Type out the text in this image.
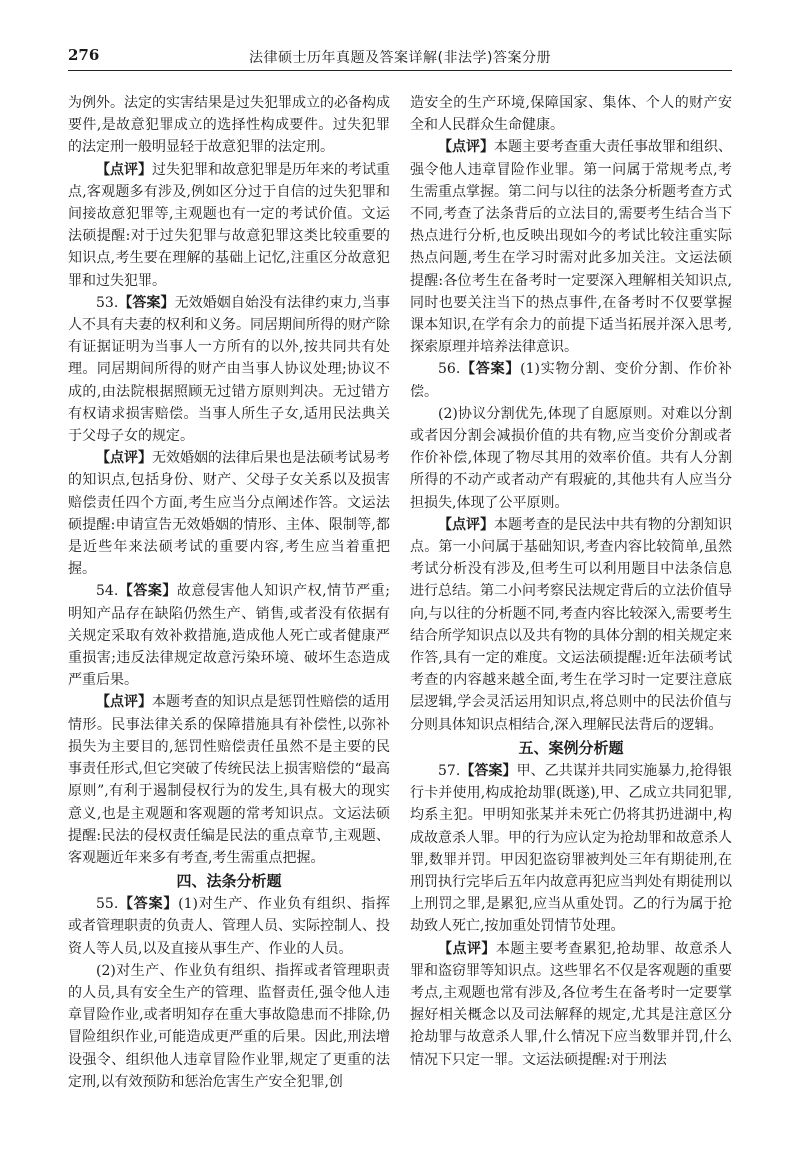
276	法律硕士历年真题及答案详解(非法学)答案分册

为例外。法定的实害结果是过失犯罪成立的必备构成要件,是故意犯罪成立的选择性构成要件。过失犯罪的法定刑一般明显轻于故意犯罪的法定刑。

【点评】过失犯罪和故意犯罪是历年来的考试重点,客观题多有涉及,例如区分过于自信的过失犯罪和间接故意犯罪等,主观题也有一定的考试价值。文运法硕提醒:对于过失犯罪与故意犯罪这类比较重要的知识点,考生要在理解的基础上记忆,注重区分故意犯罪和过失犯罪。

53.【答案】无效婚姻自始没有法律约束力,当事人不具有夫妻的权利和义务。同居期间所得的财产除有证据证明为当事人一方所有的以外,按共同共有处理。同居期间所得的财产由当事人协议处理;协议不成的,由法院根据照顾无过错方原则判决。无过错方有权请求损害赔偿。当事人所生子女,适用民法典关于父母子女的规定。

【点评】无效婚姻的法律后果也是法硕考试易考的知识点,包括身份、财产、父母子女关系以及损害赔偿责任四个方面,考生应当分点阐述作答。文运法硕提醒:申请宣告无效婚姻的情形、主体、限制等,都是近些年来法硕考试的重要内容,考生应当着重把握。

54.【答案】故意侵害他人知识产权,情节严重;明知产品存在缺陷仍然生产、销售,或者没有依据有关规定采取有效补救措施,造成他人死亡或者健康严重损害;违反法律规定故意污染环境、破坏生态造成严重后果。

【点评】本题考查的知识点是惩罚性赔偿的适用情形。民事法律关系的保障措施具有补偿性,以弥补损失为主要目的,惩罚性赔偿责任虽然不是主要的民事责任形式,但它突破了传统民法上损害赔偿的“最高原则”,有利于遏制侵权行为的发生,具有极大的现实意义,也是主观题和客观题的常考知识点。文运法硕提醒:民法的侵权责任编是民法的重点章节,主观题、客观题近年来多有考查,考生需重点把握。

四、法条分析题

55.【答案】(1)对生产、作业负有组织、指挥或者管理职责的负责人、管理人员、实际控制人、投资人等人员,以及直接从事生产、作业的人员。

(2)对生产、作业负有组织、指挥或者管理职责的人员,具有安全生产的管理、监督责任,强令他人违章冒险作业,或者明知存在重大事故隐患而不排除,仍冒险组织作业,可能造成更严重的后果。因此,刑法增设强令、组织他人违章冒险作业罪,规定了更重的法定刑,以有效预防和惩治危害生产安全犯罪,创

造安全的生产环境,保障国家、集体、个人的财产安全和人民群众生命健康。

【点评】本题主要考查重大责任事故罪和组织、强令他人违章冒险作业罪。第一问属于常规考点,考生需重点掌握。第二问与以往的法条分析题考查方式不同,考查了法条背后的立法目的,需要考生结合当下热点进行分析,也反映出现如今的考试比较注重实际热点问题,考生在学习时需对此多加关注。文运法硕提醒:各位考生在备考时一定要深入理解相关知识点,同时也要关注当下的热点事件,在备考时不仅要掌握课本知识,在学有余力的前提下适当拓展并深入思考,探索原理并培养法律意识。

56.【答案】(1)实物分割、变价分割、作价补偿。

(2)协议分割优先,体现了自愿原则。对难以分割或者因分割会减损价值的共有物,应当变价分割或者作价补偿,体现了物尽其用的效率价值。共有人分割所得的不动产或者动产有瑕疵的,其他共有人应当分担损失,体现了公平原则。

【点评】本题考查的是民法中共有物的分割知识点。第一小问属于基础知识,考查内容比较简单,虽然考试分析没有涉及,但考生可以利用题目中法条信息进行总结。第二小问考察民法规定背后的立法价值导向,与以往的分析题不同,考查内容比较深入,需要考生结合所学知识点以及共有物的具体分割的相关规定来作答,具有一定的难度。文运法硕提醒:近年法硕考试考查的内容越来越全面,考生在学习时一定要注意底层逻辑,学会灵活运用知识点,将总则中的民法价值与分则具体知识点相结合,深入理解民法背后的逻辑。

五、案例分析题

57.【答案】甲、乙共谋并共同实施暴力,抢得银行卡并使用,构成抢劫罪(既遂),甲、乙成立共同犯罪,均系主犯。甲明知张某并未死亡仍将其扔进湖中,构成故意杀人罪。甲的行为应认定为抢劫罪和故意杀人罪,数罪并罚。甲因犯盗窃罪被判处三年有期徒刑,在刑罚执行完毕后五年内故意再犯应当判处有期徒刑以上刑罚之罪,是累犯,应当从重处罚。乙的行为属于抢劫致人死亡,按加重处罚情节处理。

【点评】本题主要考查累犯,抢劫罪、故意杀人罪和盗窃罪等知识点。这些罪名不仅是客观题的重要考点,主观题也常有涉及,各位考生在备考时一定要掌握好相关概念以及司法解释的规定,尤其是注意区分抢劫罪与故意杀人罪,什么情况下应当数罪并罚,什么情况下只定一罪。文运法硕提醒:对于刑法
